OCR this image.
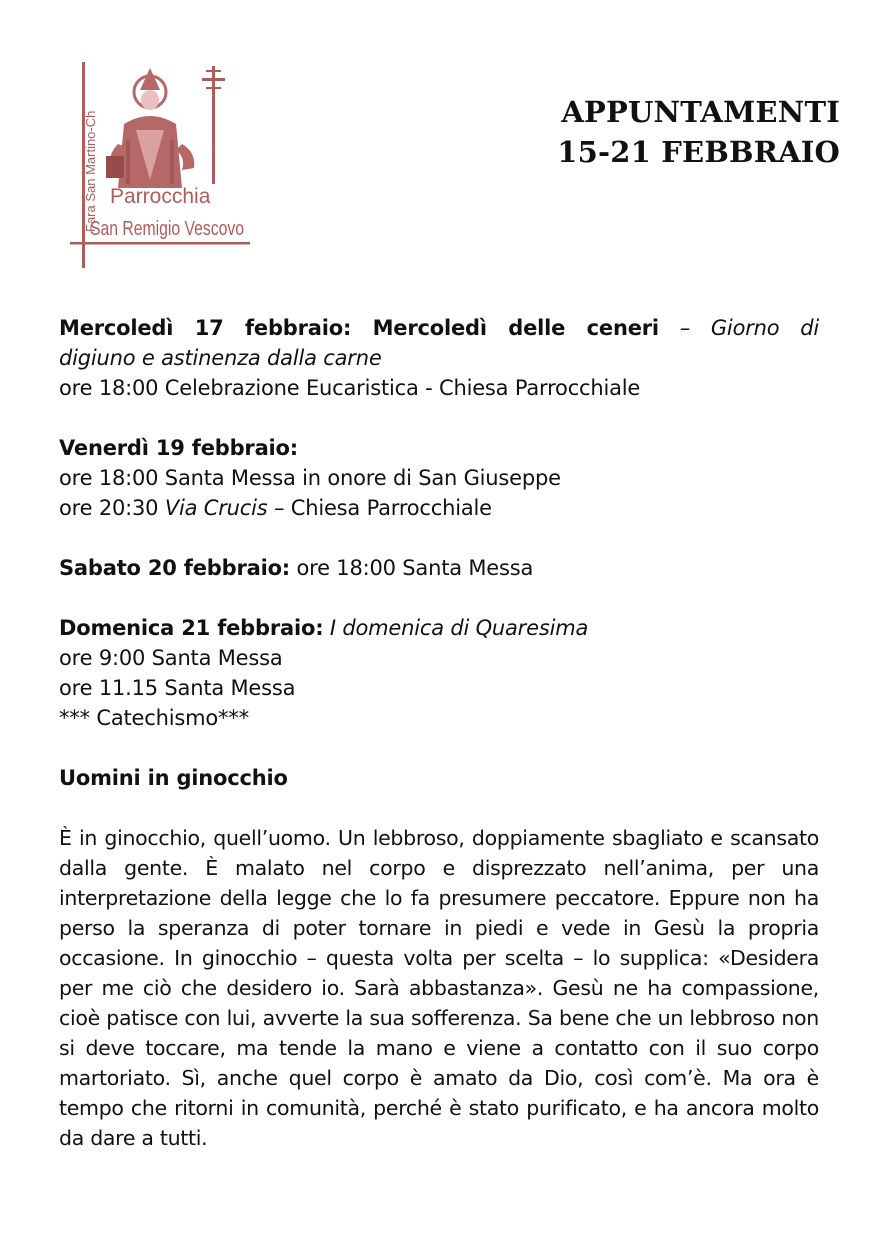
Fara San Martino-Ch Parrocchia
San Remigio Vescovo
APPUNTAMENTI
15-21 FEBBRAIO

Mercoledì 17 febbraio: Mercoledì delle ceneri – Giorno di

digiuno e astinenza dalla carne

ore 18:00 Celebrazione Eucaristica - Chiesa Parrocchiale

Venerdì 19 febbraio:

ore 18:00 Santa Messa in onore di San Giuseppe

ore 20:30 Via Crucis – Chiesa Parrocchiale

Sabato 20 febbraio: ore 18:00 Santa Messa

Domenica 21 febbraio: I domenica di Quaresima

ore 9:00 Santa Messa

ore 11.15 Santa Messa

*** Catechismo***

Uomini in ginocchio

È in ginocchio, quell’uomo. Un lebbroso, doppiamente sbagliato e scansato dalla gente. È malato nel corpo e disprezzato nell’anima, per una interpretazione della legge che lo fa presumere peccatore. Eppure non ha perso la speranza di poter tornare in piedi e vede in Gesù la propria occasione. In ginocchio – questa volta per scelta – lo supplica: «Desidera per me ciò che desidero io. Sarà abbastanza». Gesù ne ha compassione, cioè patisce con lui, avverte la sua sofferenza. Sa bene che un lebbroso non si deve toccare, ma tende la mano e viene a contatto con il suo corpo martoriato. Sì, anche quel corpo è amato da Dio, così com’è. Ma ora è tempo che ritorni in comunità, perché è stato purificato, e ha ancora molto da dare a tutti.
